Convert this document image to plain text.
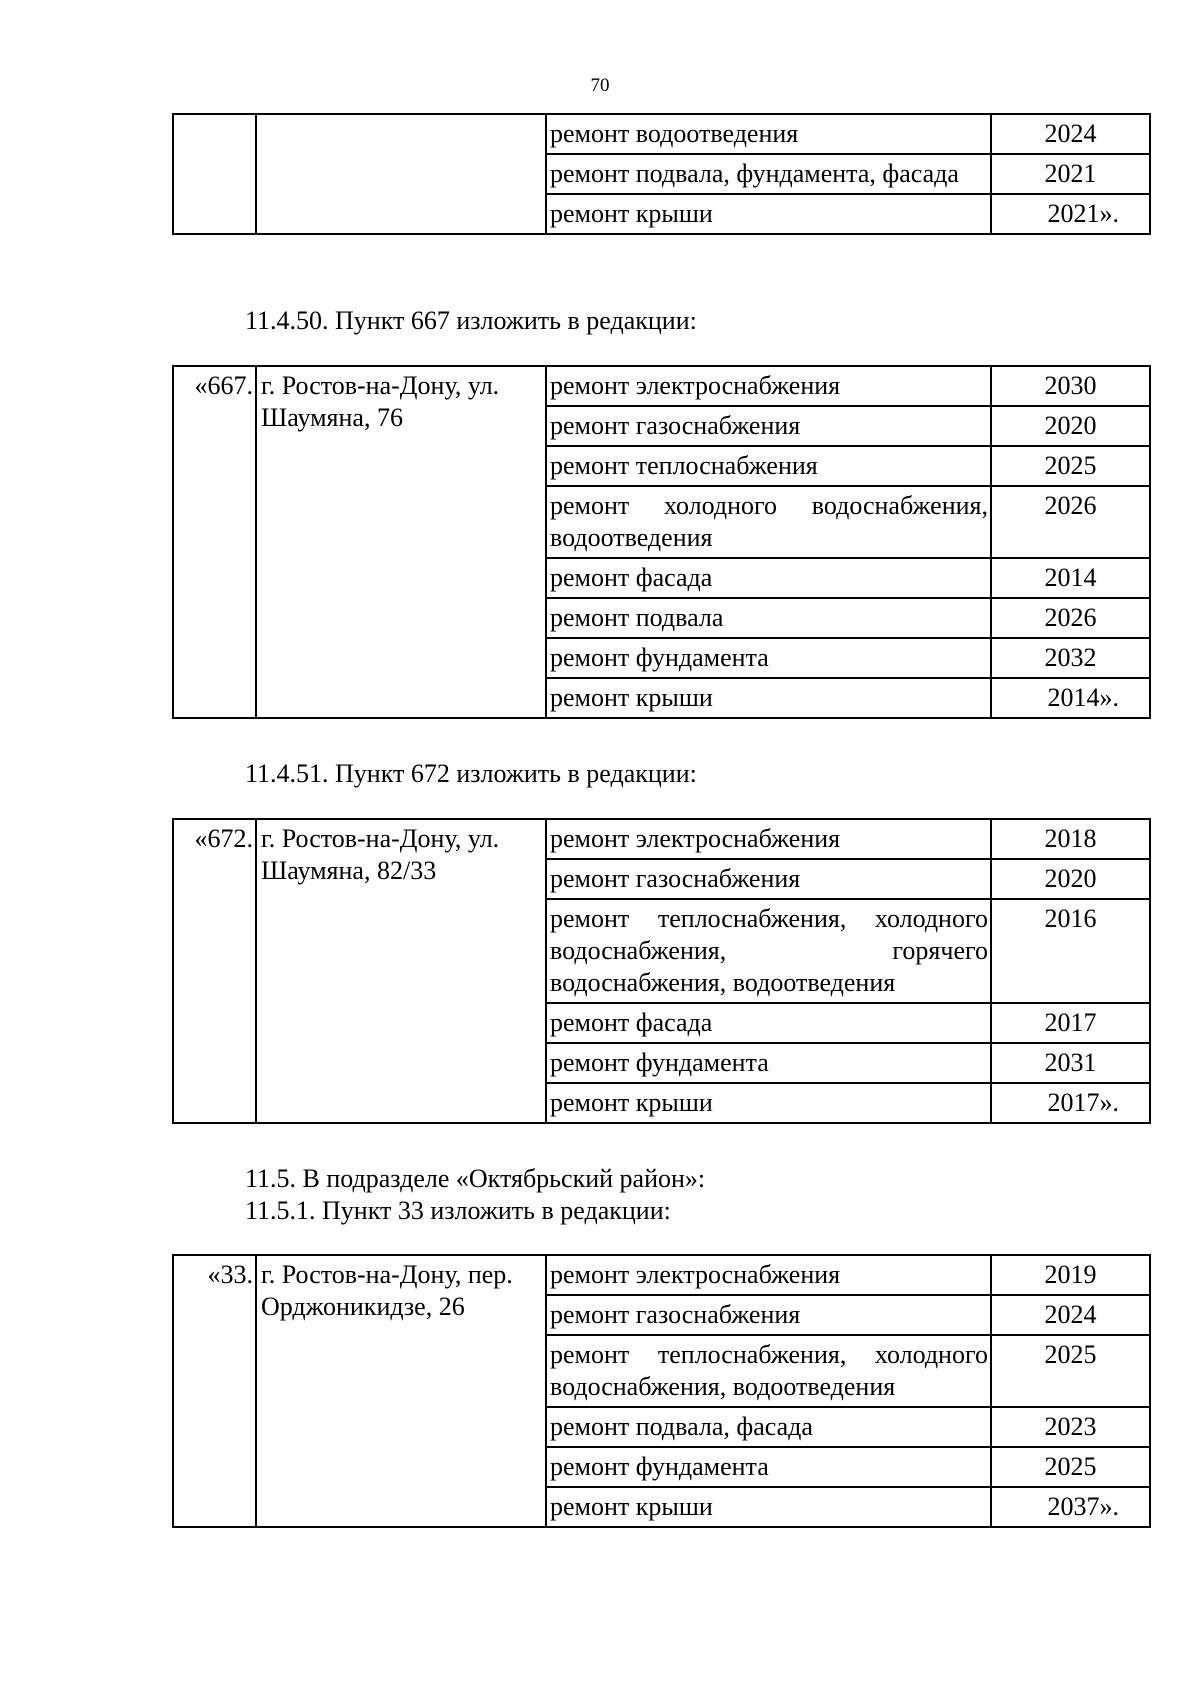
70
		ремонт водоотведения	2024
		ремонт подвала, фундамента, фасада	2021
		ремонт крыши	2021».
11.4.50. Пункт 667 изложить в редакции:
«667.	г. Ростов-на-Дону, ул. Шаумяна, 76	ремонт электроснабжения	2030
		ремонт газоснабжения	2020
		ремонт теплоснабжения	2025
		ремонт холодного водоснабжения, водоотведения	2026
		ремонт фасада	2014
		ремонт подвала	2026
		ремонт фундамента	2032
		ремонт крыши	2014».
11.4.51. Пункт 672 изложить в редакции:
«672.	г. Ростов-на-Дону, ул. Шаумяна, 82/33	ремонт электроснабжения	2018
		ремонт газоснабжения	2020
		ремонт теплоснабжения, холодного водоснабжения, горячего водоснабжения, водоотведения	2016
		ремонт фасада	2017
		ремонт фундамента	2031
		ремонт крыши	2017».
11.5. В подразделе «Октябрьский район»:
11.5.1. Пункт 33 изложить в редакции:
«33.	г. Ростов-на-Дону, пер. Орджоникидзе, 26	ремонт электроснабжения	2019
		ремонт газоснабжения	2024
		ремонт теплоснабжения, холодного водоснабжения, водоотведения	2025
		ремонт подвала, фасада	2023
		ремонт фундамента	2025
		ремонт крыши	2037».
